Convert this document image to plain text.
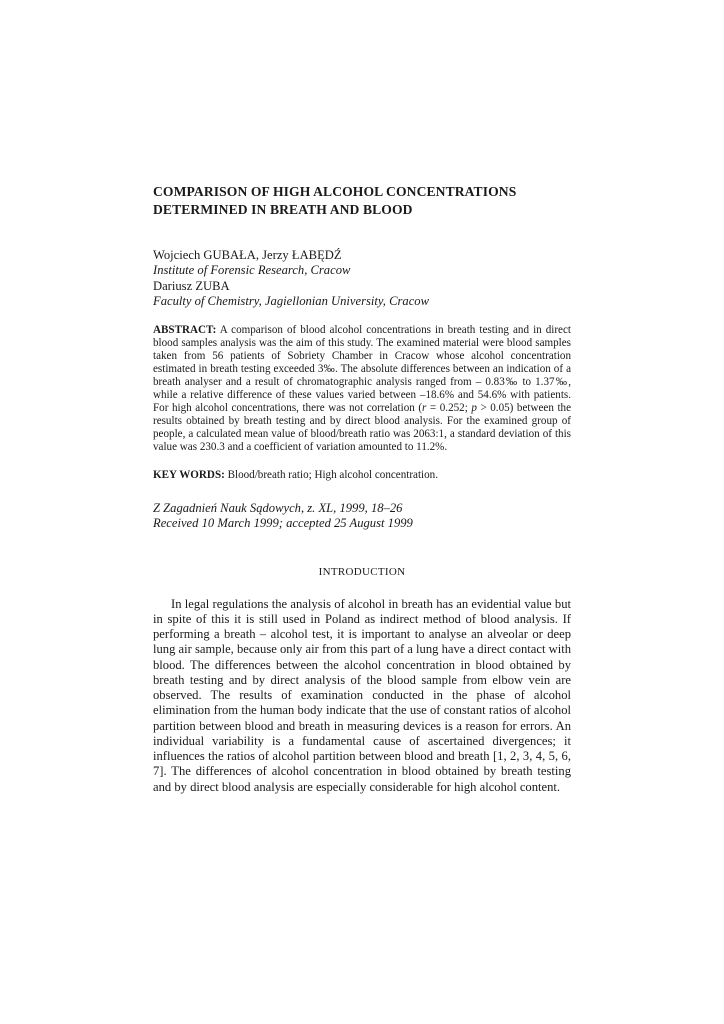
COMPARISON OF HIGH ALCOHOL CONCENTRATIONS
DETERMINED IN BREATH AND BLOOD
Wojciech GUBAŁA, Jerzy ŁABĘDŹ
Institute of Forensic Research, Cracow
Dariusz ZUBA
Faculty of Chemistry, Jagiellonian University, Cracow

ABSTRACT: A comparison of blood alcohol concentrations in breath testing and in direct blood samples analysis was the aim of this study. The examined material were blood samples taken from 56 patients of Sobriety Chamber in Cracow whose alcohol concentration estimated in breath testing exceeded 3‰. The absolute differences between an indication of a breath analyser and a result of chromatographic analysis ranged from – 0.83‰ to 1.37‰, while a relative difference of these values varied between –18.6% and 54.6% with patients. For high alcohol concentrations, there was not correlation (r = 0.252; p > 0.05) between the results obtained by breath testing and by direct blood analysis. For the examined group of people, a calculated mean value of blood/breath ratio was 2063:1, a standard deviation of this value was 230.3 and a coefficient of variation amounted to 11.2%.

KEY WORDS: Blood/breath ratio; High alcohol concentration.

Z Zagadnień Nauk Sądowych, z. XL, 1999, 18–26
Received 10 March 1999; accepted 25 August 1999
INTRODUCTION

In legal regulations the analysis of alcohol in breath has an evidential value but in spite of this it is still used in Poland as indirect method of blood analysis. If performing a breath – alcohol test, it is important to analyse an alveolar or deep lung air sample, because only air from this part of a lung have a direct contact with blood. The differences between the alcohol concentration in blood obtained by breath testing and by direct analysis of the blood sample from elbow vein are observed. The results of examination conducted in the phase of alcohol elimination from the human body indicate that the use of constant ratios of alcohol partition between blood and breath in measuring devices is a reason for errors. An individual variability is a fundamental cause of ascertained divergences; it influences the ratios of alcohol partition between blood and breath [1, 2, 3, 4, 5, 6, 7]. The differences of alcohol concentration in blood obtained by breath testing and by direct blood analysis are especially considerable for high alcohol content.
